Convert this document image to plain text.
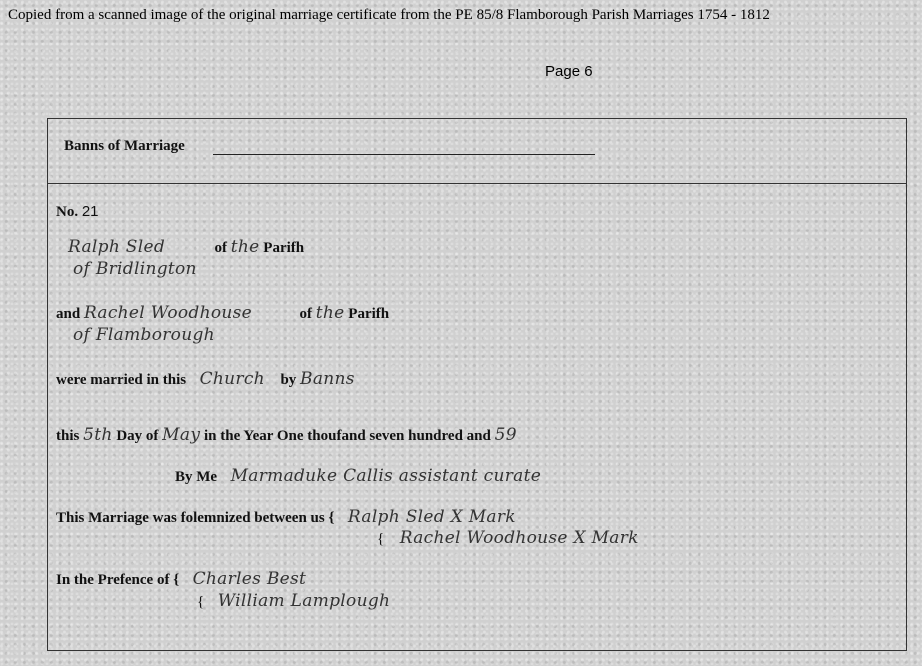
Copied from a scanned image of the original marriage certificate from the PE 85/8 Flamborough Parish Marriages 1754 - 1812
Page 6
Banns of Marriage
No. 21
Ralph Sled	of the Parifh
of Bridlington
and Rachel Woodhouse	of the Parifh
of Flamborough
were married in this Church by Banns
this 5th Day of May in the Year One thoufand seven hundred and 59
By Me Marmaduke Callis assistant curate
This Marriage was folemnized between us { Ralph Sled X Mark
{ Rachel Woodhouse X Mark
In the Prefence of { Charles Best
{ William Lamplough
